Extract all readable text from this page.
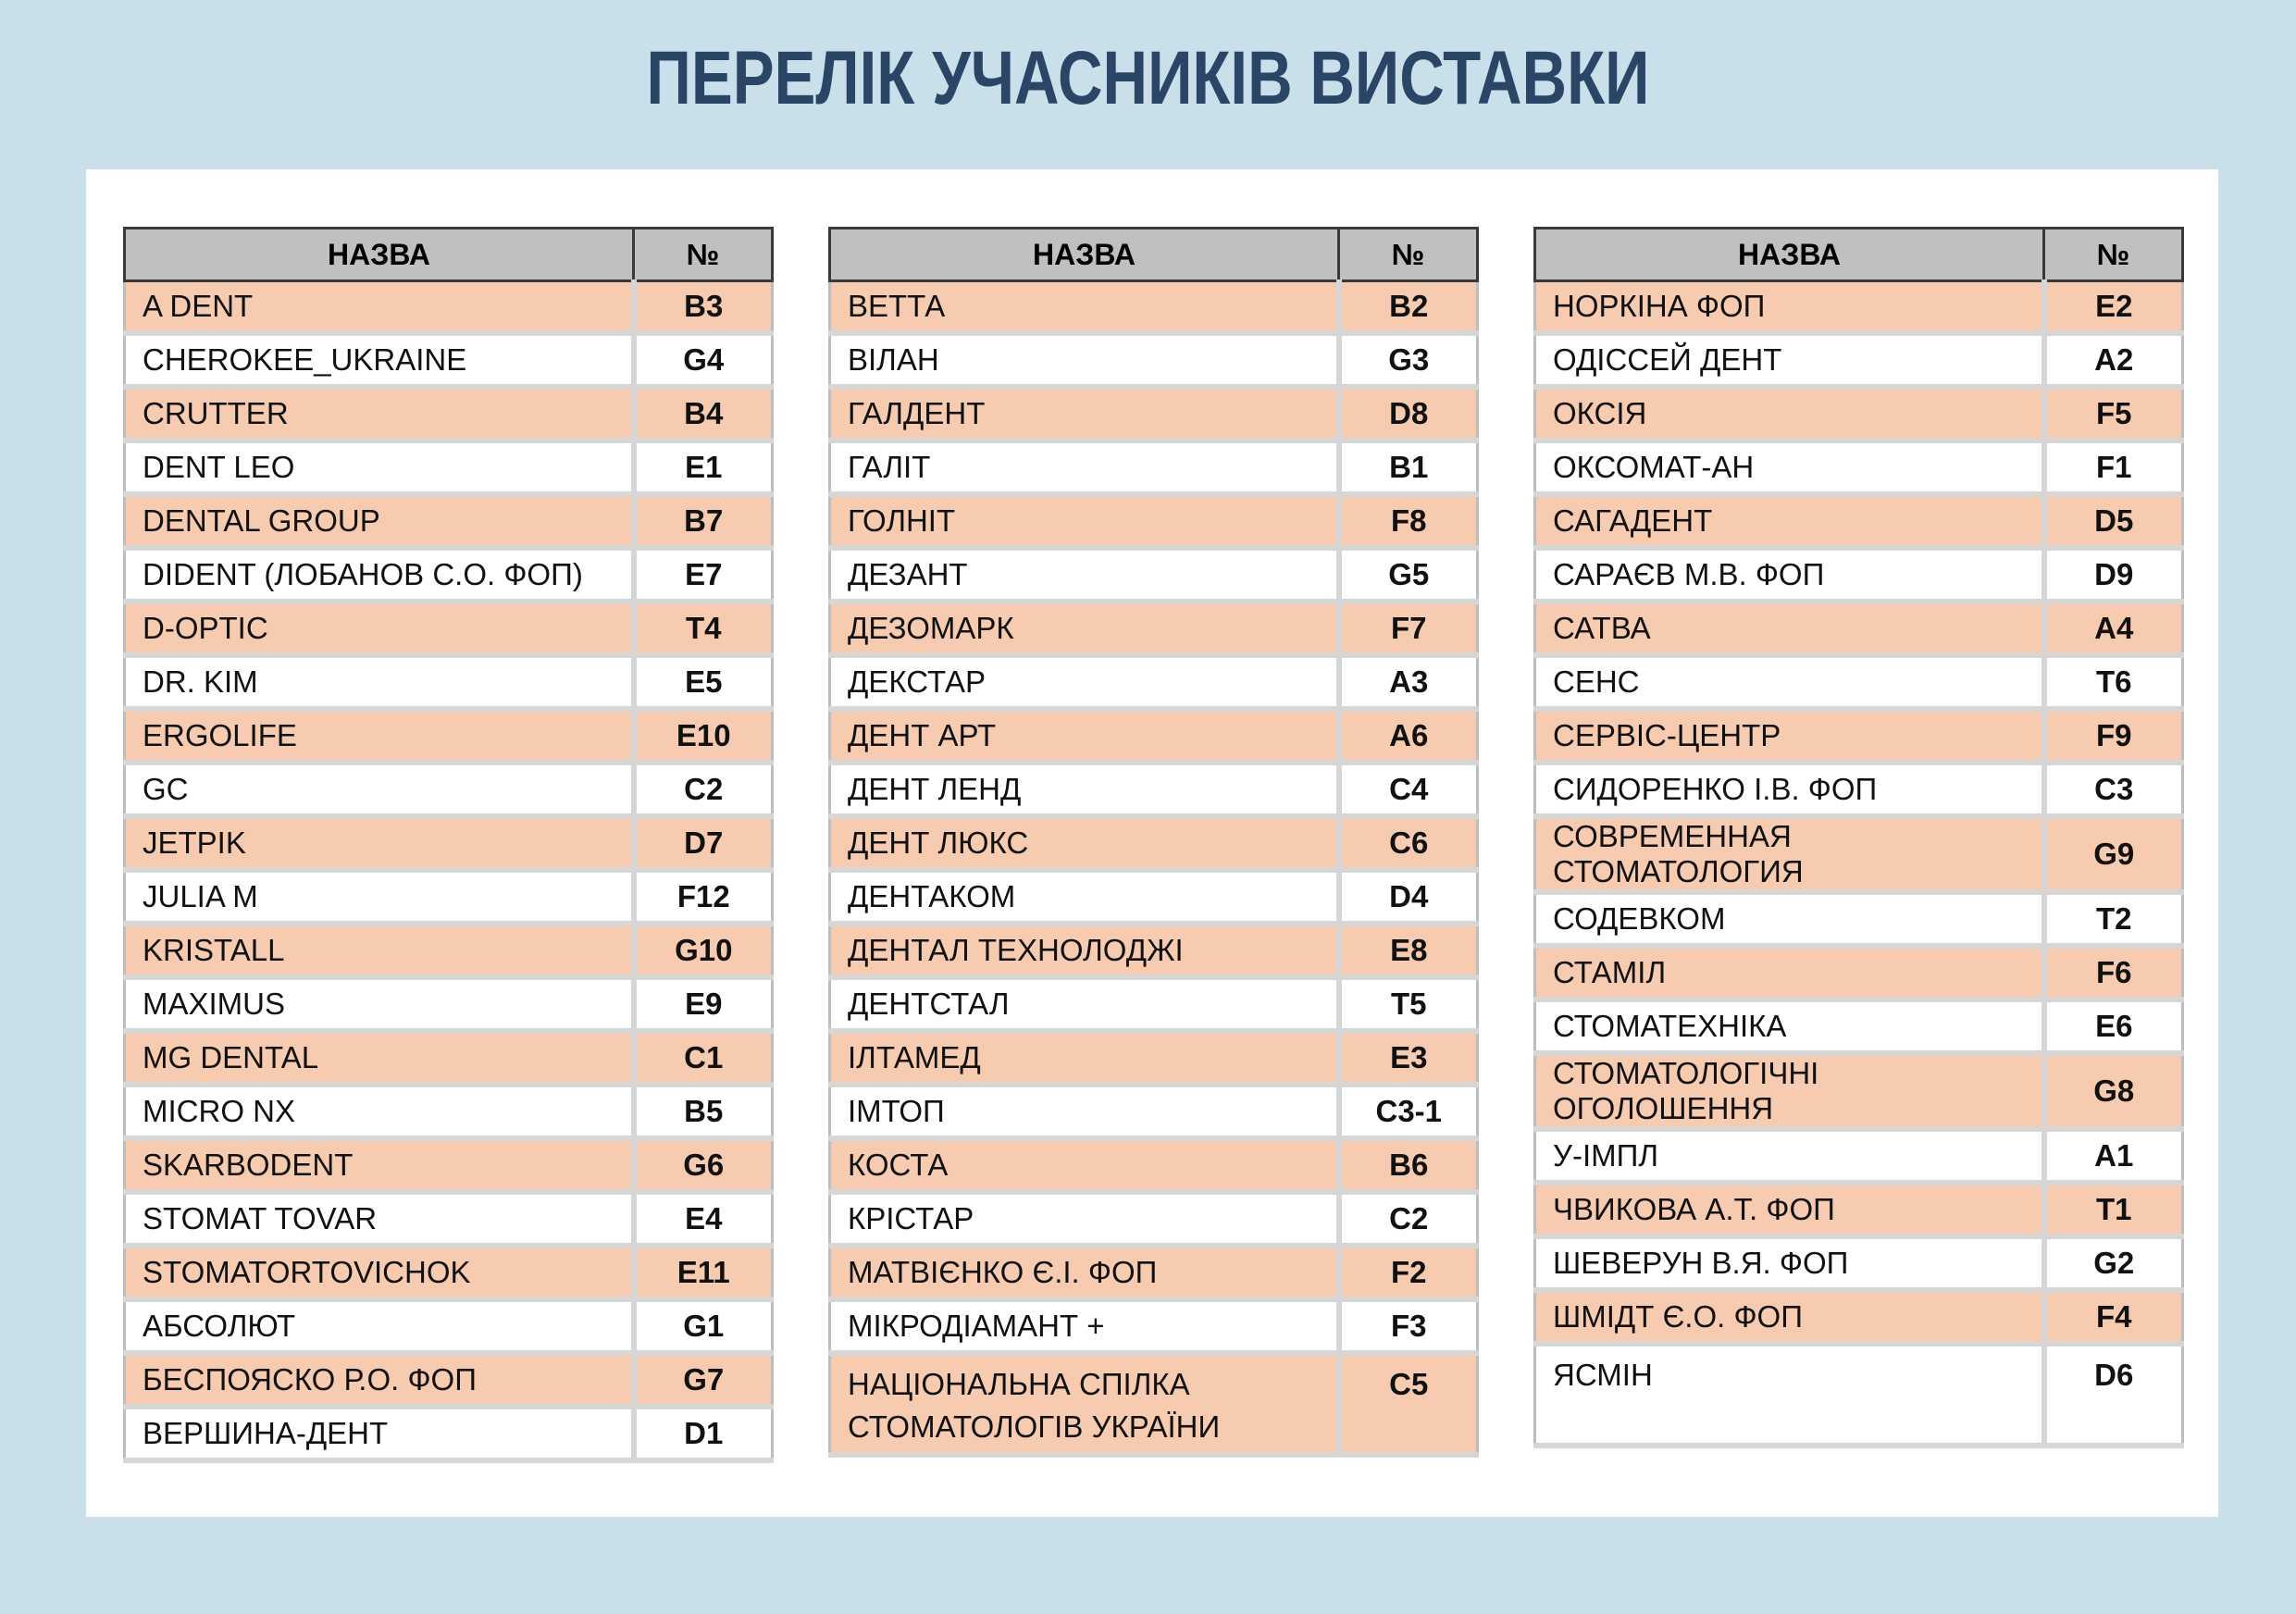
ПЕРЕЛІК УЧАСНИКІВ ВИСТАВКИ
НАЗВА	№
A DENT	B3
CHEROKEE_UKRAINE	G4
CRUTTER	B4
DENT LEO	E1
DENTAL GROUP	B7
DIDENT (ЛОБАНОВ С.О. ФОП)	E7
D-OPTIC	T4
DR. KIM	E5
ERGOLIFE	E10
GC	C2
JETPIK	D7
JULIA M	F12
KRISTALL	G10
MAXIMUS	E9
MG DENTAL	C1
MICRO NX	B5
SKARBODENT	G6
STOMAT TOVAR	E4
STOMATORTOVICHOK	E11
АБСОЛЮТ	G1
БЕСПОЯСКО Р.О. ФОП	G7
ВЕРШИНА-ДЕНТ	D1
НАЗВА	№
ВЕТТА	B2
ВІЛАН	G3
ГАЛДЕНТ	D8
ГАЛІТ	B1
ГОЛНІТ	F8
ДЕЗАНТ	G5
ДЕЗОМАРК	F7
ДЕКСТАР	A3
ДЕНТ АРТ	A6
ДЕНТ ЛЕНД	C4
ДЕНТ ЛЮКС	C6
ДЕНТАКОМ	D4
ДЕНТАЛ ТЕХНОЛОДЖІ	E8
ДЕНТСТАЛ	T5
ІЛТАМЕД	E3
ІМТОП	C3-1
КОСТА	B6
КРІСТАР	C2
МАТВІЄНКО Є.І. ФОП	F2
МІКРОДІАМАНТ +	F3
НАЦІОНАЛЬНА СПІЛКА СТОМАТОЛОГІВ УКРАЇНИ	C5
НАЗВА	№
НОРКІНА ФОП	E2
ОДІССЕЙ ДЕНТ	A2
ОКСІЯ	F5
ОКСОМАТ-АН	F1
САГАДЕНТ	D5
САРАЄВ М.В. ФОП	D9
САТВА	A4
СЕНС	T6
СЕРВІС-ЦЕНТР	F9
СИДОРЕНКО І.В. ФОП	C3
СОВРЕМЕННАЯ СТОМАТОЛОГИЯ	G9
СОДЕВКОМ	T2
СТАМІЛ	F6
СТОМАТЕХНІКА	E6
СТОМАТОЛОГІЧНІ ОГОЛОШЕННЯ	G8
У-ІМПЛ	A1
ЧВИКОВА А.Т. ФОП	T1
ШЕВЕРУН В.Я. ФОП	G2
ШМІДТ Є.О. ФОП	F4
ЯСМІН	D6
